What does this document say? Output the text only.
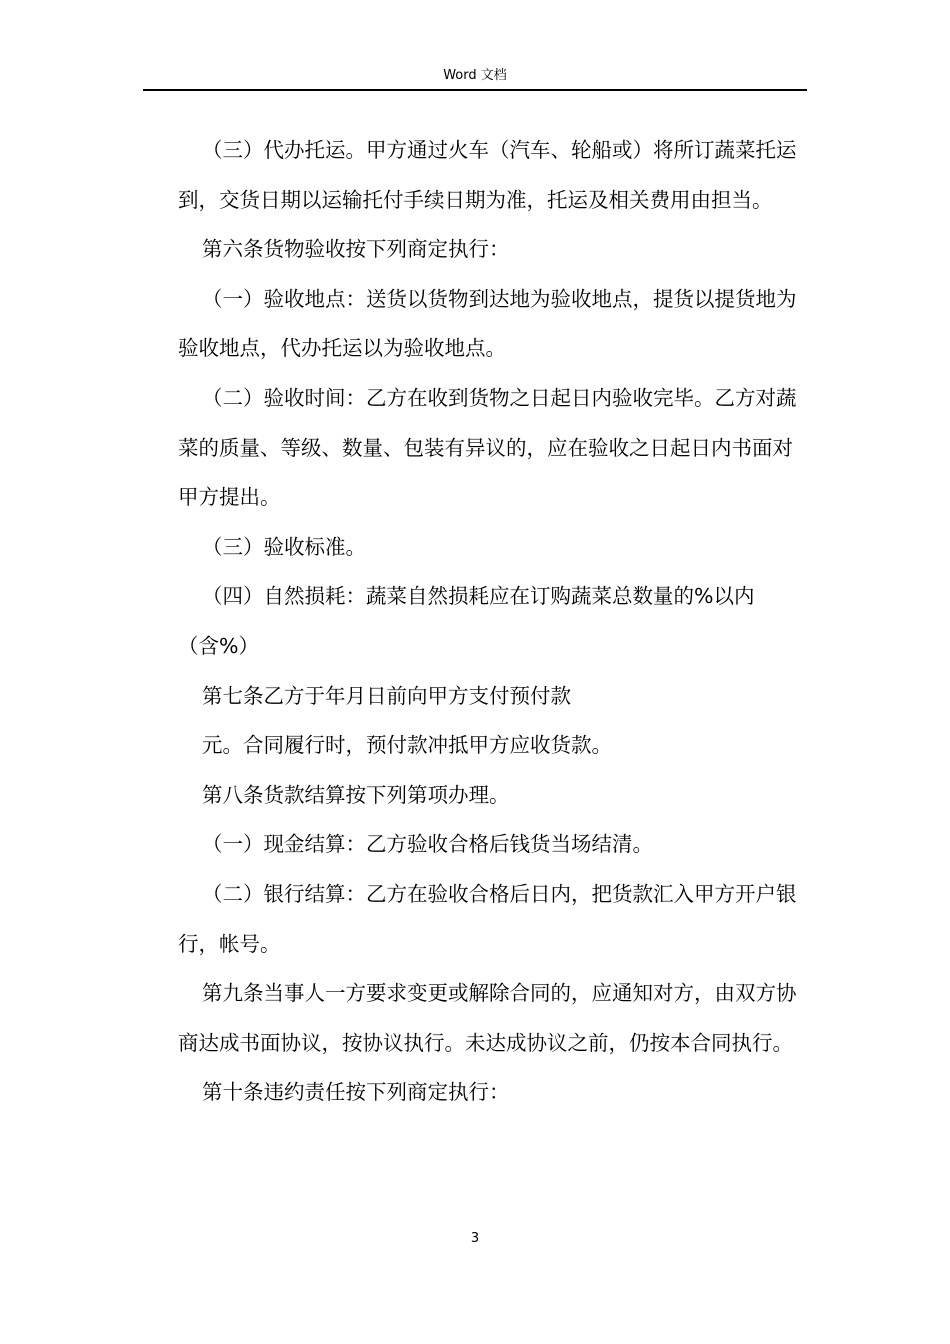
Word 文档

（三）代办托运。甲方通过火车（汽车、轮船或）将所订蔬菜托运到，交货日期以运输托付手续日期为准，托运及相关费用由担当。

第六条货物验收按下列商定执行：

（一）验收地点：送货以货物到达地为验收地点，提货以提货地为验收地点，代办托运以为验收地点。

（二）验收时间：乙方在收到货物之日起日内验收完毕。乙方对蔬菜的质量、等级、数量、包装有异议的，应在验收之日起日内书面对甲方提出。

（三）验收标准。

（四）自然损耗：蔬菜自然损耗应在订购蔬菜总数量的%以内（含%）

第七条乙方于年月日前向甲方支付预付款

元。合同履行时，预付款冲抵甲方应收货款。

第八条货款结算按下列第项办理。

（一）现金结算：乙方验收合格后钱货当场结清。

（二）银行结算：乙方在验收合格后日内，把货款汇入甲方开户银行，帐号。

第九条当事人一方要求变更或解除合同的，应通知对方，由双方协商达成书面协议，按协议执行。未达成协议之前，仍按本合同执行。

第十条违约责任按下列商定执行：

3
